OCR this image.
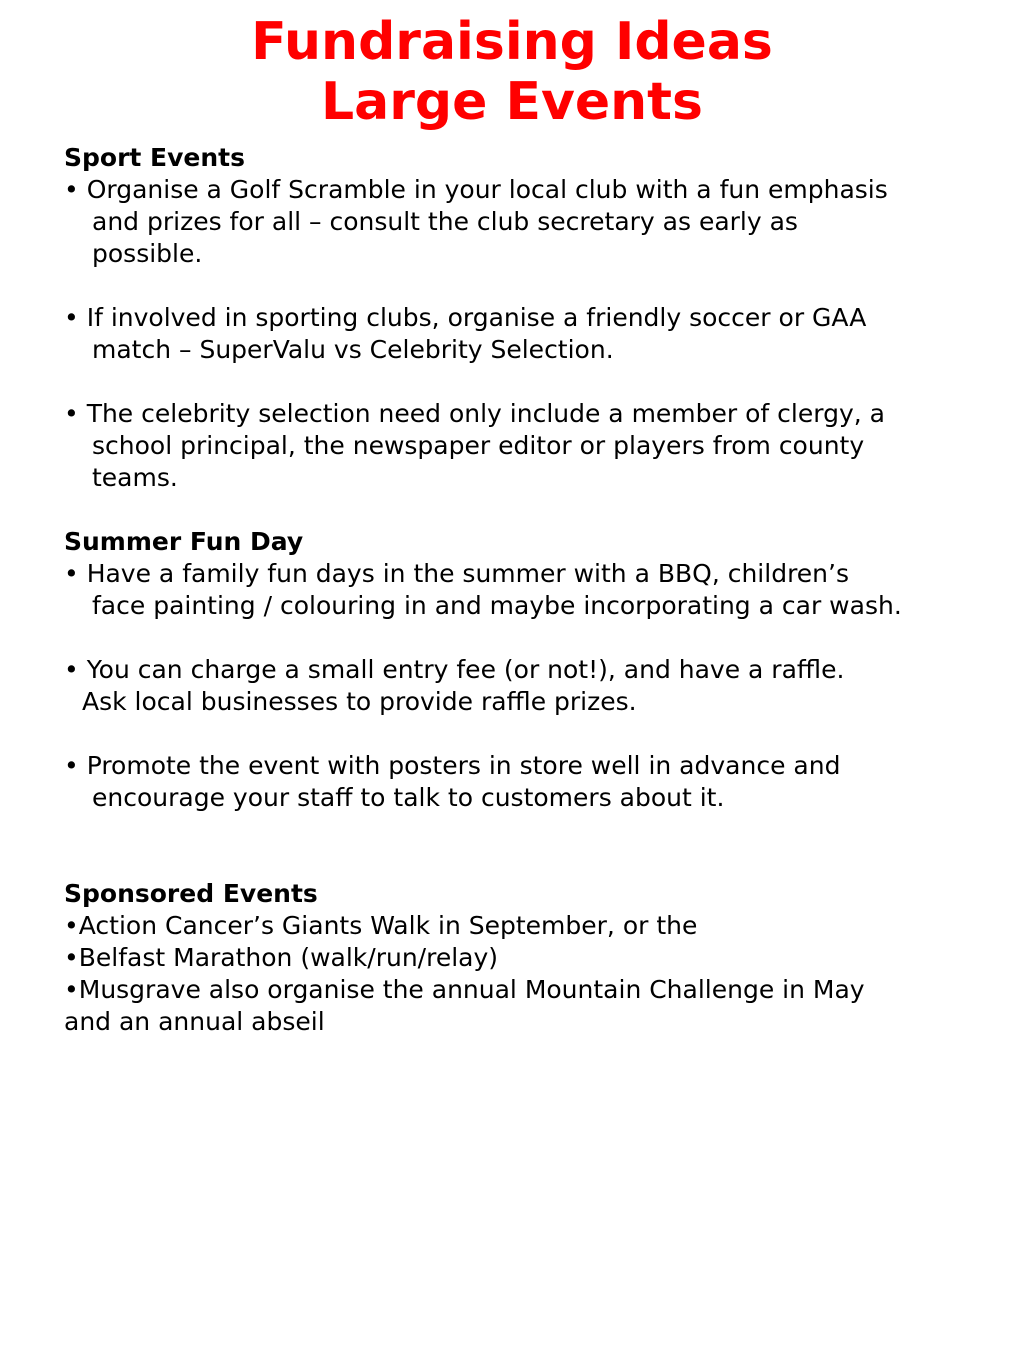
Fundraising Ideas
Large Events
Sport Events
• Organise a Golf Scramble in your local club with a fun emphasis
and prizes for all – consult the club secretary as early as
possible.
• If involved in sporting clubs, organise a friendly soccer or GAA
match – SuperValu vs Celebrity Selection.
• The celebrity selection need only include a member of clergy, a
school principal, the newspaper editor or players from county
teams.
Summer Fun Day
• Have a family fun days in the summer with a BBQ, children’s
face painting / colouring in and maybe incorporating a car wash.
• You can charge a small entry fee (or not!), and have a raffle.
Ask local businesses to provide raffle prizes.
• Promote the event with posters in store well in advance and
encourage your staff to talk to customers about it.
Sponsored Events
•Action Cancer’s Giants Walk in September, or the
•Belfast Marathon (walk/run/relay)
•Musgrave also organise the annual Mountain Challenge in May
and an annual abseil
